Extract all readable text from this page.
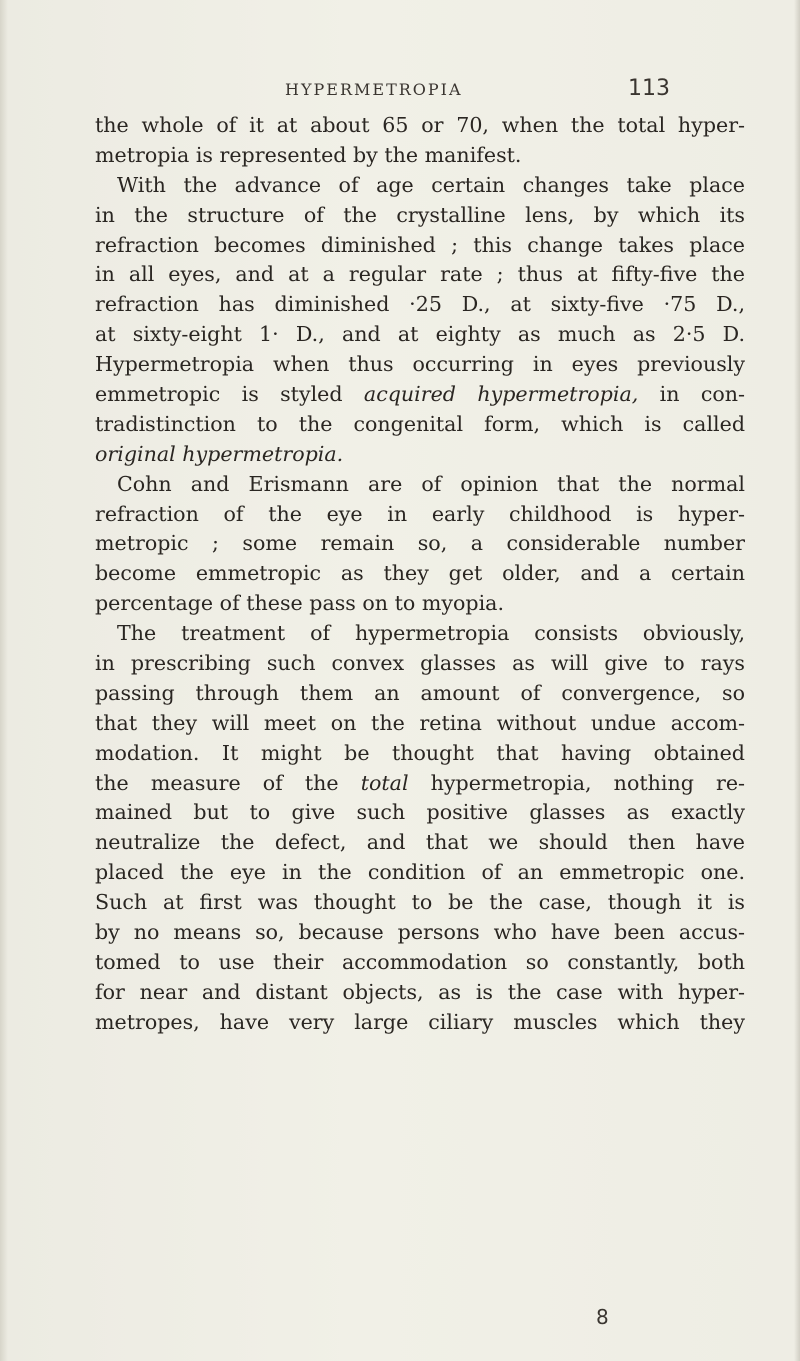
HYPERMETROPIA	113
the whole of it at about 65 or 70, when the total hyper-
metropia is represented by the manifest.
With the advance of age certain changes take place
in the structure of the crystalline lens, by which its
refraction becomes diminished ; this change takes place
in all eyes, and at a regular rate ; thus at fifty-five the
refraction has diminished ·25 D., at sixty-five ·75 D.,
at sixty-eight 1· D., and at eighty as much as 2·5 D.
Hypermetropia when thus occurring in eyes previously
emmetropic is styled acquired hypermetropia, in con-
tradistinction to the congenital form, which is called
original hypermetropia.
Cohn and Erismann are of opinion that the normal
refraction of the eye in early childhood is hyper-
metropic ; some remain so, a considerable number
become emmetropic as they get older, and a certain
percentage of these pass on to myopia.
The treatment of hypermetropia consists obviously,
in prescribing such convex glasses as will give to rays
passing through them an amount of convergence, so
that they will meet on the retina without undue accom-
modation. It might be thought that having obtained
the measure of the total hypermetropia, nothing re-
mained but to give such positive glasses as exactly
neutralize the defect, and that we should then have
placed the eye in the condition of an emmetropic one.
Such at first was thought to be the case, though it is
by no means so, because persons who have been accus-
tomed to use their accommodation so constantly, both
for near and distant objects, as is the case with hyper-
metropes, have very large ciliary muscles which they
8
